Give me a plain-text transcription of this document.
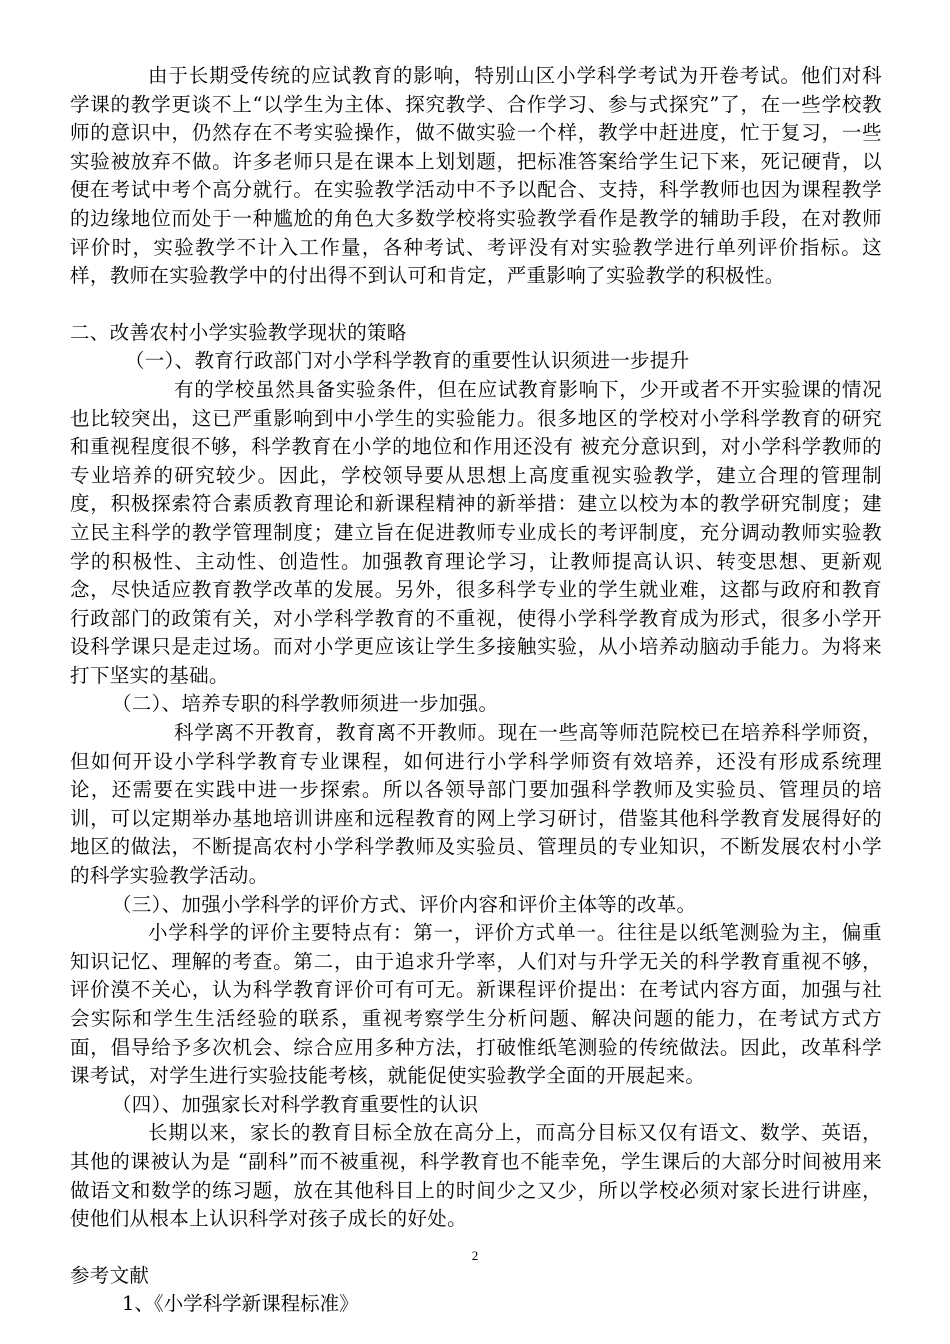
由于长期受传统的应试教育的影响，特别山区小学科学考试为开卷考试。他们对科学课的教学更谈不上“以学生为主体、探究教学、合作学习、参与式探究”了，在一些学校教师的意识中，仍然存在不考实验操作，做不做实验一个样，教学中赶进度，忙于复习，一些实验被放弃不做。许多老师只是在课本上划划题，把标准答案给学生记下来，死记硬背，以便在考试中考个高分就行。在实验教学活动中不予以配合、支持，科学教师也因为课程教学的边缘地位而处于一种尴尬的角色大多数学校将实验教学看作是教学的辅助手段，在对教师评价时，实验教学不计入工作量，各种考试、考评没有对实验教学进行单列评价指标。这样，教师在实验教学中的付出得不到认可和肯定，严重影响了实验教学的积极性。

二、改善农村小学实验教学现状的策略

（一）、教育行政部门对小学科学教育的重要性认识须进一步提升

有的学校虽然具备实验条件，但在应试教育影响下，少开或者不开实验课的情况也比较突出，这已严重影响到中小学生的实验能力。很多地区的学校对小学科学教育的研究和重视程度很不够，科学教育在小学的地位和作用还没有 被充分意识到，对小学科学教师的专业培养的研究较少。因此，学校领导要从思想上高度重视实验教学，建立合理的管理制度，积极探索符合素质教育理论和新课程精神的新举措：建立以校为本的教学研究制度；建立民主科学的教学管理制度；建立旨在促进教师专业成长的考评制度，充分调动教师实验教学的积极性、主动性、创造性。加强教育理论学习，让教师提高认识、转变思想、更新观念，尽快适应教育教学改革的发展。另外，很多科学专业的学生就业难，这都与政府和教育行政部门的政策有关，对小学科学教育的不重视，使得小学科学教育成为形式，很多小学开设科学课只是走过场。而对小学更应该让学生多接触实验，从小培养动脑动手能力。为将来打下坚实的基础。

（二）、培养专职的科学教师须进一步加强。

科学离不开教育，教育离不开教师。现在一些高等师范院校已在培养科学师资，但如何开设小学科学教育专业课程，如何进行小学科学师资有效培养，还没有形成系统理论，还需要在实践中进一步探索。所以各领导部门要加强科学教师及实验员、管理员的培训，可以定期举办基地培训讲座和远程教育的网上学习研讨，借鉴其他科学教育发展得好的地区的做法，不断提高农村小学科学教师及实验员、管理员的专业知识，不断发展农村小学的科学实验教学活动。

（三）、加强小学科学的评价方式、评价内容和评价主体等的改革。

小学科学的评价主要特点有：第一，评价方式单一。往往是以纸笔测验为主，偏重知识记忆、理解的考查。第二，由于追求升学率，人们对与升学无关的科学教育重视不够，评价漠不关心，认为科学教育评价可有可无。新课程评价提出：在考试内容方面，加强与社会实际和学生生活经验的联系，重视考察学生分析问题、解决问题的能力，在考试方式方面，倡导给予多次机会、综合应用多种方法，打破惟纸笔测验的传统做法。因此，改革科学课考试，对学生进行实验技能考核，就能促使实验教学全面的开展起来。

（四）、加强家长对科学教育重要性的认识

长期以来，家长的教育目标全放在高分上，而高分目标又仅有语文、数学、英语，其他的课被认为是 “副科”而不被重视，科学教育也不能幸免，学生课后的大部分时间被用来做语文和数学的练习题，放在其他科目上的时间少之又少，所以学校必须对家长进行讲座，使他们从根本上认识科学对孩子成长的好处。

参考文献

1、《小学科学新课程标准》

2
